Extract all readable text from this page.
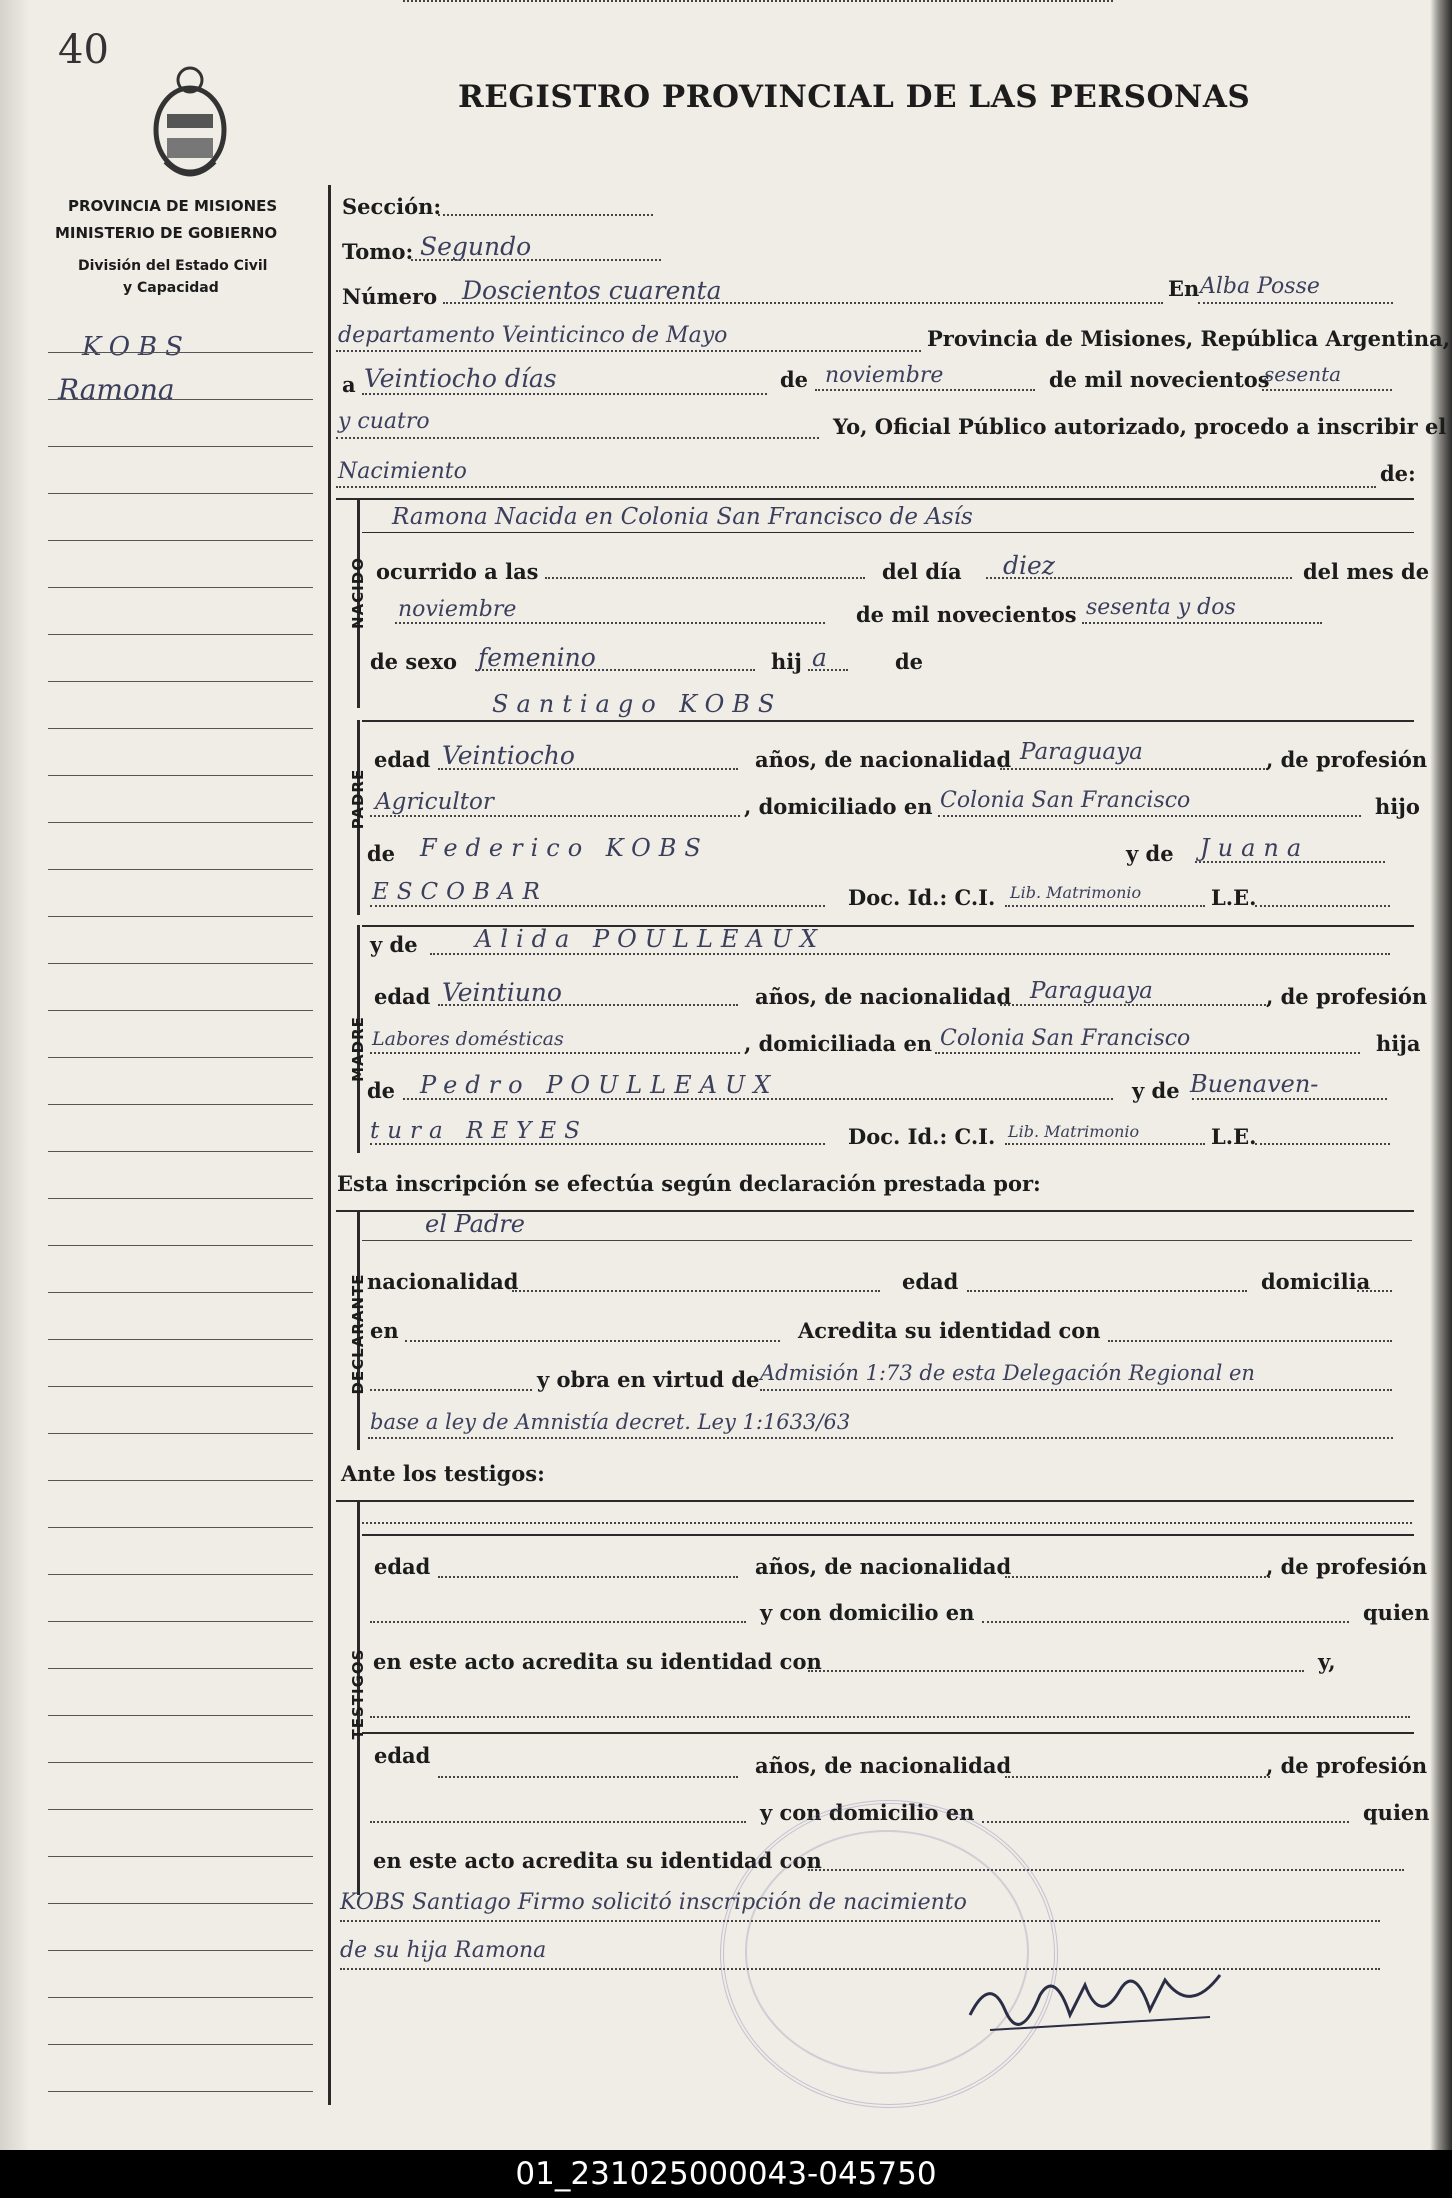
40
REGISTRO PROVINCIAL DE LAS PERSONAS
PROVINCIA DE MISIONES
MINISTERIO DE GOBIERNO
División del Estado Civil
y Capacidad
KOBS
Ramona
Sección:
Tomo: Segundo
Número Doscientos cuarenta	En Alba Posse
departamento Veinticinco de Mayo	Provincia de Misiones, República Argentina,
a Veintiocho días	de noviembre	de mil novecientos
sesenta
y cuatro	Yo, Oficial Público autorizado, procedo a inscribir el
Nacimiento	de:
NACIDO
Ramona Nacida en Colonia San Francisco de Asís
ocurrido a las	del día diez	del mes de
noviembre	de mil novecientos sesenta y dos
de sexo femenino	hij a	de
Santiago KOBS
PADRE
edad Veintiocho	años, de nacionalidad Paraguaya	, de profesión
Agricultor	, domiciliado en Colonia San Francisco	hijo
de Federico KOBS	y de Juana
ESCOBAR	Doc. Id.: C.I. Lib. Matrimonio	L.E.
MADRE
y de Alida POULLEAUX
edad Veintiuno	años, de nacionalidad Paraguaya	, de profesión
Labores domésticas	, domiciliada en Colonia San Francisco	hija
de Pedro POULLEAUX	y de Buenaven-
tura REYES	Doc. Id.: C.I. Lib. Matrimonio	L.E.
Esta inscripción se efectúa según declaración prestada por:
DECLARANTE
el Padre
nacionalidad	edad	domicilia
en	Acredita su identidad con
y obra en virtud de Admisión 1:73 de esta Delegación Regional en
base a ley de Amnistía decret. Ley 1:1633/63
Ante los testigos:
TESTIGOS
edad	años, de nacionalidad	, de profesión
y con domicilio en	quien
en este acto acredita su identidad con	y,
edad	años, de nacionalidad	, de profesión
y con domicilio en	quien
en este acto acredita su identidad con
KOBS Santiago Firmo solicitó inscripción de nacimiento
de su hija Ramona
01_231025000043-045750
